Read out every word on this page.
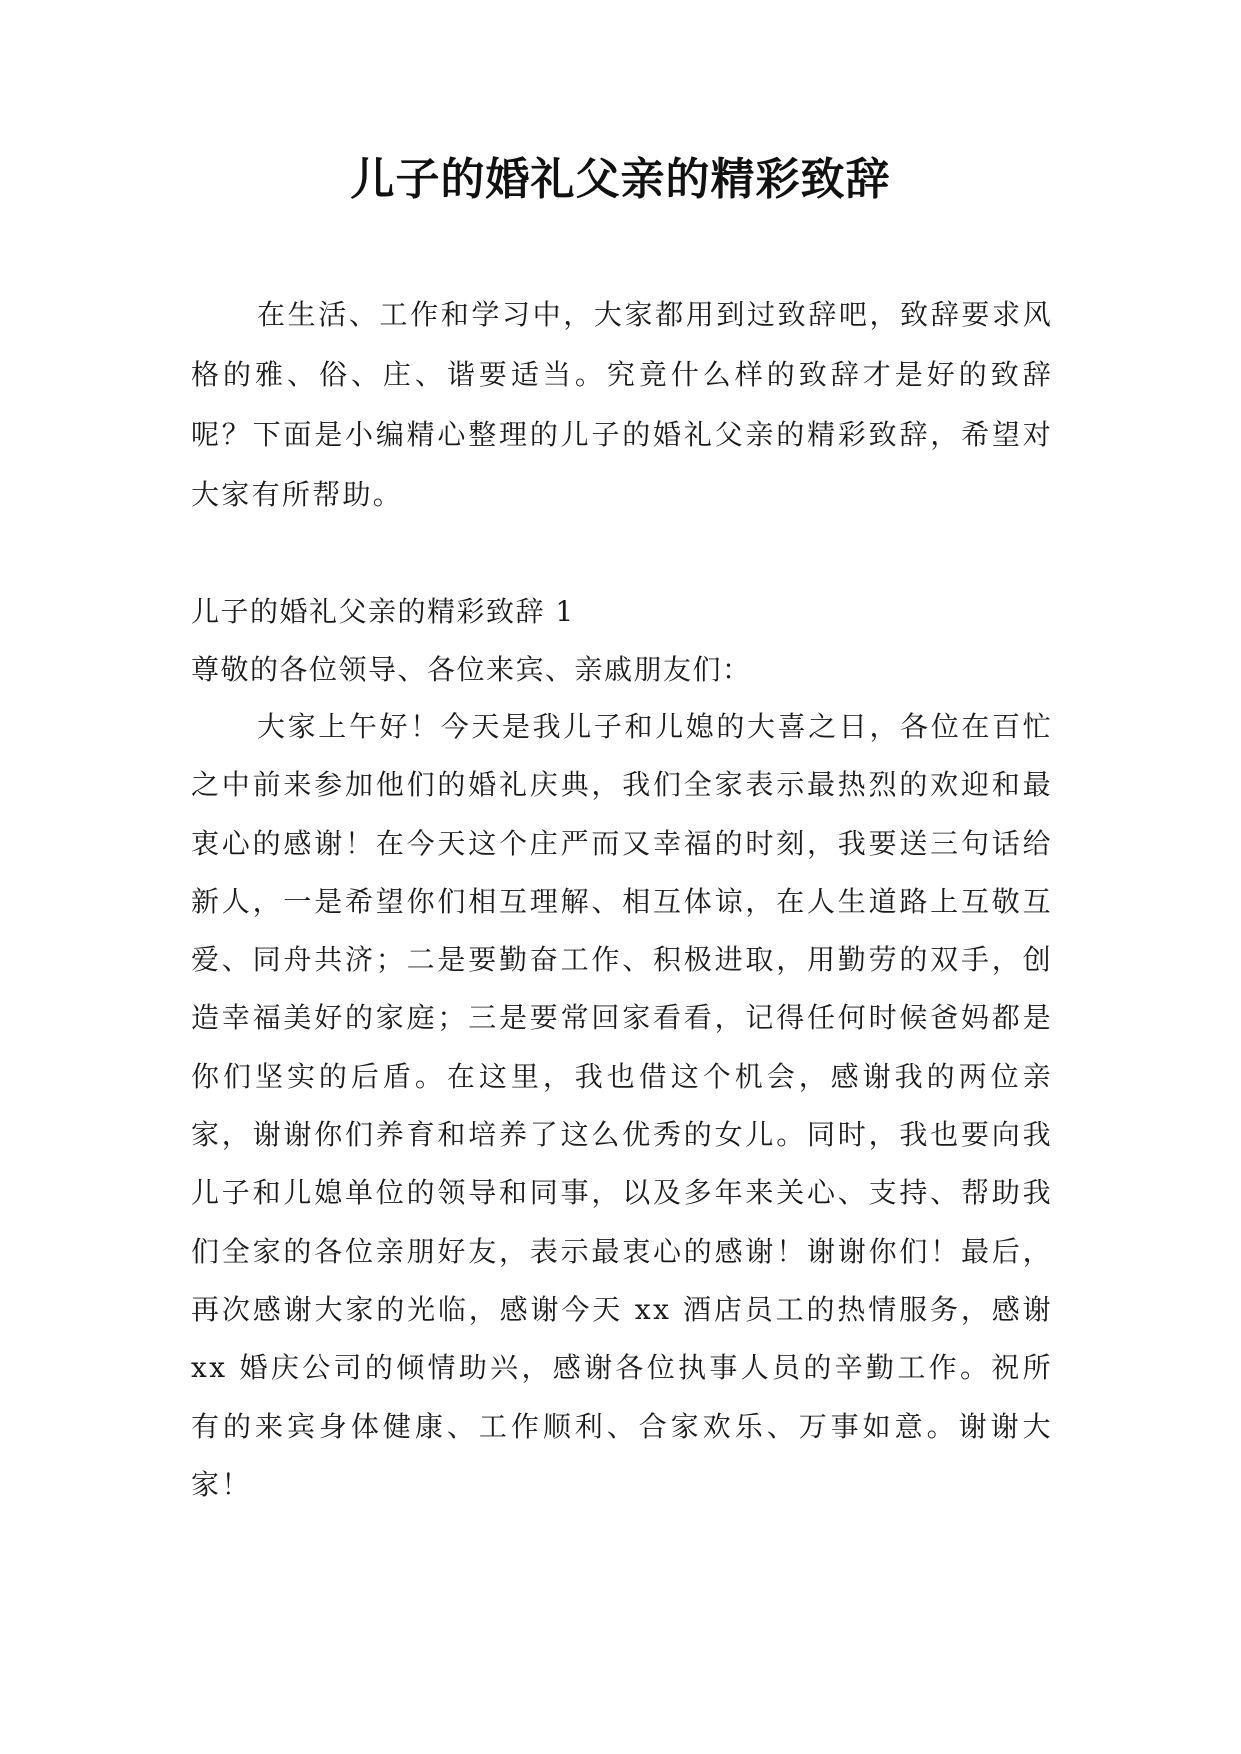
儿子的婚礼父亲的精彩致辞

在生活、工作和学习中，大家都用到过致辞吧，致辞要求风格的雅、俗、庄、谐要适当。究竟什么样的致辞才是好的致辞呢？下面是小编精心整理的儿子的婚礼父亲的精彩致辞，希望对大家有所帮助。

儿子的婚礼父亲的精彩致辞 1

尊敬的各位领导、各位来宾、亲戚朋友们：

大家上午好！今天是我儿子和儿媳的大喜之日，各位在百忙之中前来参加他们的婚礼庆典，我们全家表示最热烈的欢迎和最衷心的感谢！在今天这个庄严而又幸福的时刻，我要送三句话给新人，一是希望你们相互理解、相互体谅，在人生道路上互敬互爱、同舟共济；二是要勤奋工作、积极进取，用勤劳的双手，创造幸福美好的家庭；三是要常回家看看，记得任何时候爸妈都是你们坚实的后盾。在这里，我也借这个机会，感谢我的两位亲家，谢谢你们养育和培养了这么优秀的女儿。同时，我也要向我儿子和儿媳单位的领导和同事，以及多年来关心、支持、帮助我们全家的各位亲朋好友，表示最衷心的感谢！谢谢你们！最后，再次感谢大家的光临，感谢今天 xx 酒店员工的热情服务，感谢 xx 婚庆公司的倾情助兴，感谢各位执事人员的辛勤工作。祝所有的来宾身体健康、工作顺利、合家欢乐、万事如意。谢谢大家！
